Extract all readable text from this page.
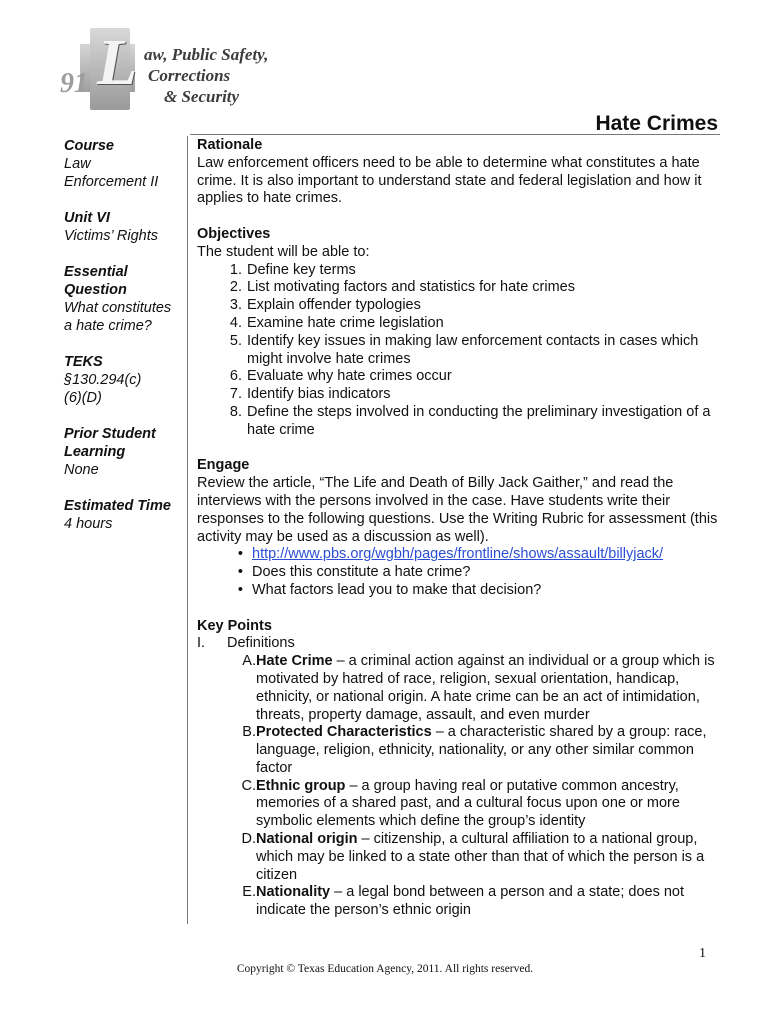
91 L aw, Public Safety,
Corrections
& Security
Hate Crimes
Course
Law
Enforcement II
Unit VI
Victims’ Rights
Essential
Question
What constitutes
a hate crime?
TEKS
§130.294(c)
(6)(D)
Prior Student
Learning
None
Estimated Time
4 hours
Rationale

Law enforcement officers need to be able to determine what constitutes a hate crime. It is also important to understand state and federal legislation and how it applies to hate crimes.

Objectives
The student will be able to:
1. Define key terms
2. List motivating factors and statistics for hate crimes
3. Explain offender typologies
4. Examine hate crime legislation
5. Identify key issues in making law enforcement contacts in cases which might involve hate crimes
6. Evaluate why hate crimes occur
7. Identify bias indicators
8. Define the steps involved in conducting the preliminary investigation of a hate crime
Engage

Review the article, “The Life and Death of Billy Jack Gaither,” and read the interviews with the persons involved in the case. Have students write their responses to the following questions. Use the Writing Rubric for assessment (this activity may be used as a discussion as well).

• http://www.pbs.org/wgbh/pages/frontline/shows/assault/billyjack/
• Does this constitute a hate crime?
• What factors lead you to make that decision?
Key Points
I.	Definitions
A. Hate Crime – a criminal action against an individual or a group which is motivated by hatred of race, religion, sexual orientation, handicap, ethnicity, or national origin. A hate crime can be an act of intimidation, threats, property damage, assault, and even murder
B. Protected Characteristics – a characteristic shared by a group: race, language, religion, ethnicity, nationality, or any other similar common factor
C. Ethnic group – a group having real or putative common ancestry, memories of a shared past, and a cultural focus upon one or more symbolic elements which define the group’s identity
D. National origin – citizenship, a cultural affiliation to a national group, which may be linked to a state other than that of which the person is a citizen
E. Nationality – a legal bond between a person and a state; does not indicate the person’s ethnic origin
1
Copyright © Texas Education Agency, 2011. All rights reserved.
